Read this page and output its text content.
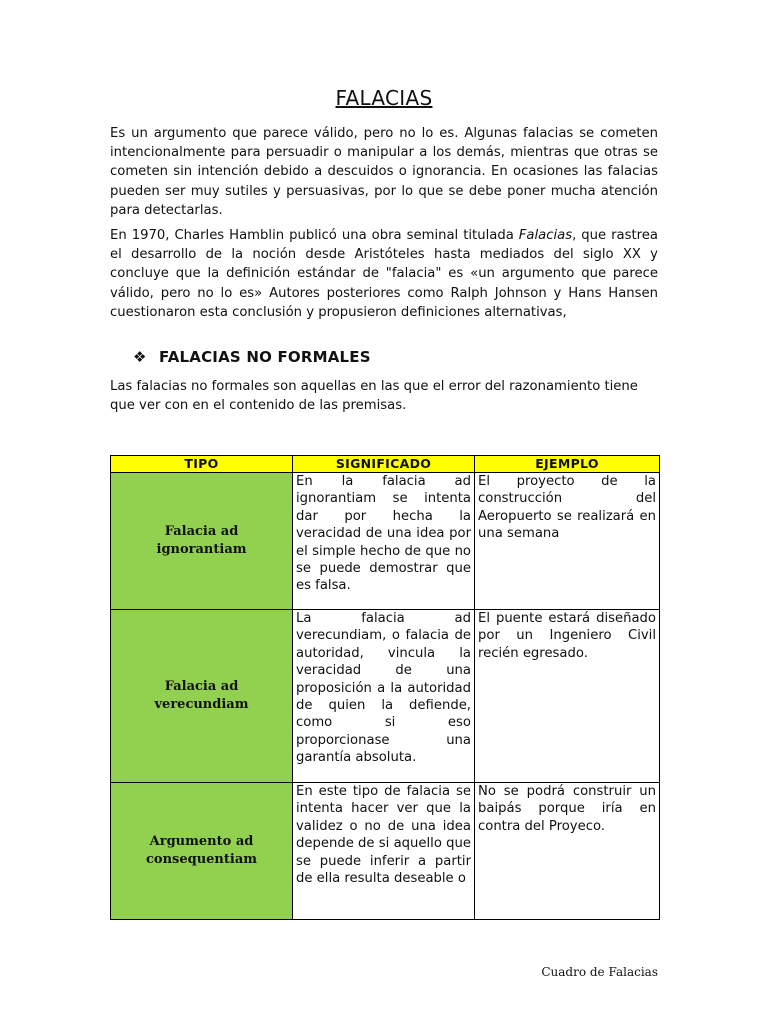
FALACIAS

Es un argumento que parece válido, pero no lo es. Algunas falacias se cometen intencionalmente para persuadir o manipular a los demás, mientras que otras se cometen sin intención debido a descuidos o ignorancia. En ocasiones las falacias pueden ser muy sutiles y persuasivas, por lo que se debe poner mucha atención para detectarlas.

En 1970, Charles Hamblin publicó una obra seminal titulada Falacias, que rastrea el desarrollo de la noción desde Aristóteles hasta mediados del siglo XX y concluye que la definición estándar de "falacia" es «un argumento que parece válido, pero no lo es» Autores posteriores como Ralph Johnson y Hans Hansen cuestionaron esta conclusión y propusieron definiciones alternativas,

❖ FALACIAS NO FORMALES

Las falacias no formales son aquellas en las que el error del razonamiento tiene que ver con en el contenido de las premisas.

TIPO	SIGNIFICADO	EJEMPLO
Falacia ad
ignorantiam	En la falacia ad ignorantiam se intenta dar por hecha la veracidad de una idea por el simple hecho de que no se puede demostrar que es falsa.	El proyecto de la construcción del Aeropuerto se realizará en una semana
Falacia ad
verecundiam	La falacia ad verecundiam, o falacia de autoridad, vincula la veracidad de una proposición a la autoridad de quien la defiende, como si eso proporcionase una garantía absoluta.	El puente estará diseñado por un Ingeniero Civil recién egresado.
Argumento ad
consequentiam	En este tipo de falacia se intenta hacer ver que la validez o no de una idea depende de si aquello que se puede inferir a partir de ella resulta deseable o	No se podrá construir un baipás porque iría en contra del Proyeco.
Cuadro de Falacias
